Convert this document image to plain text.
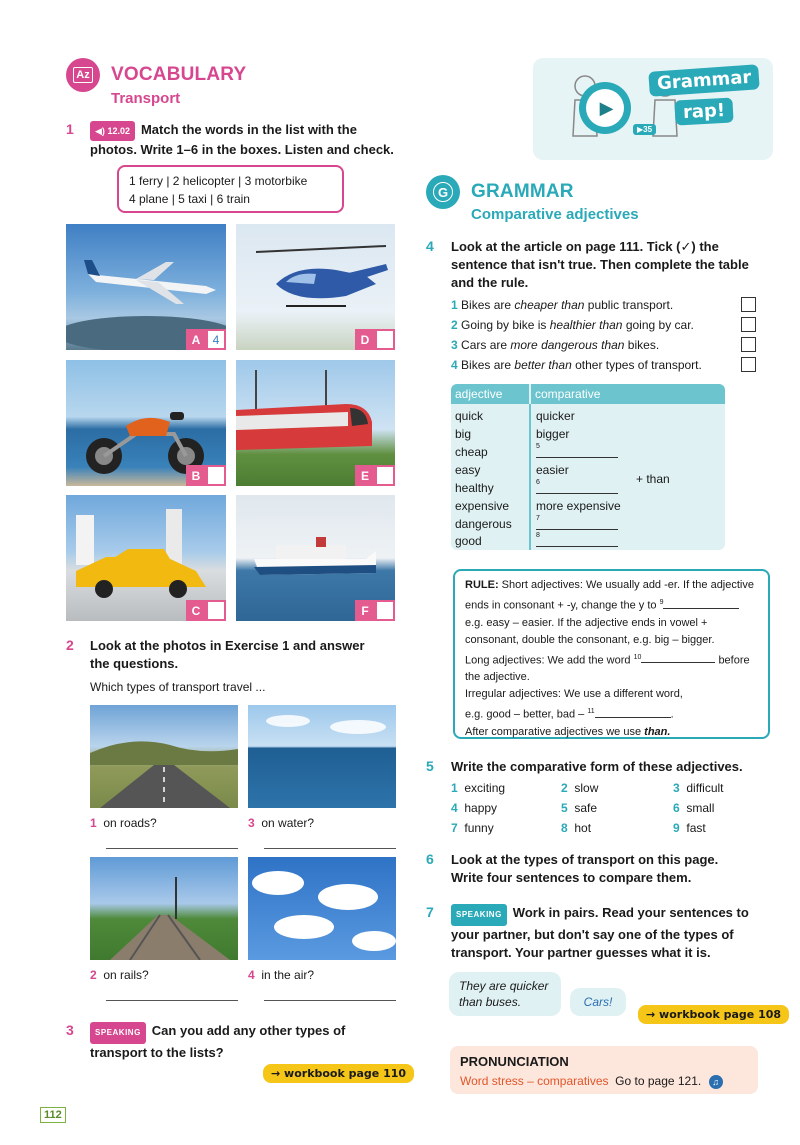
Az VOCABULARY
Transport
1	◀) 12.02 Match the words in the list with the
photos. Write 1–6 in the boxes. Listen and check.
1 ferry | 2 helicopter | 3 motorbike
4 plane | 5 taxi | 6 train
A	4	D
B	E
C	F
2 Look at the photos in Exercise 1 and answer
the questions.
Which types of transport travel ...
1 on roads?	3 on water?
2 on rails?	4 in the air?
3	SPEAKING Can you add any other types of
transport to the lists?
→ workbook page 110
112
▶
▶35
Grammar rap!
G GRAMMAR
Comparative adjectives
4 Look at the article on page 111. Tick (✓) the
sentence that isn't true. Then complete the table
and the rule.
1 Bikes are cheaper than public transport.
2 Going by bike is healthier than going by car.
3 Cars are more dangerous than bikes.
4 Bikes are better than other types of transport.
adjective	comparative
quick	quicker
big	bigger
cheap	$^5$
easy	easier
healthy	$^6$	+ than
expensive more expensive
dangerous	$^7$
good	$^8$
RULE: Short adjectives: We usually add -er. If the adjective
ends in consonant + -y, change the y to $^9$
e.g. easy – easier. If the adjective ends in vowel +
consonant, double the consonant, e.g. big – bigger.
Long adjectives: We add the word $^{10}$	before
the adjective.
Irregular adjectives: We use a different word,
e.g. good – better, bad – $^{11}$	.
After comparative adjectives we use than.
5 Write the comparative form of these adjectives.
1 exciting	2 slow	3 difficult
4 happy	5 safe	6 small
7 funny	8 hot	9 fast
6 Look at the types of transport on this page.
Write four sentences to compare them.
7	SPEAKING Work in pairs. Read your sentences to
your partner, but don't say one of the types of
transport. Your partner guesses what it is.
They are quicker
than buses.	Cars!
→ workbook page 108
PRONUNCIATION
Word stress – comparatives Go to page 121. ♫
